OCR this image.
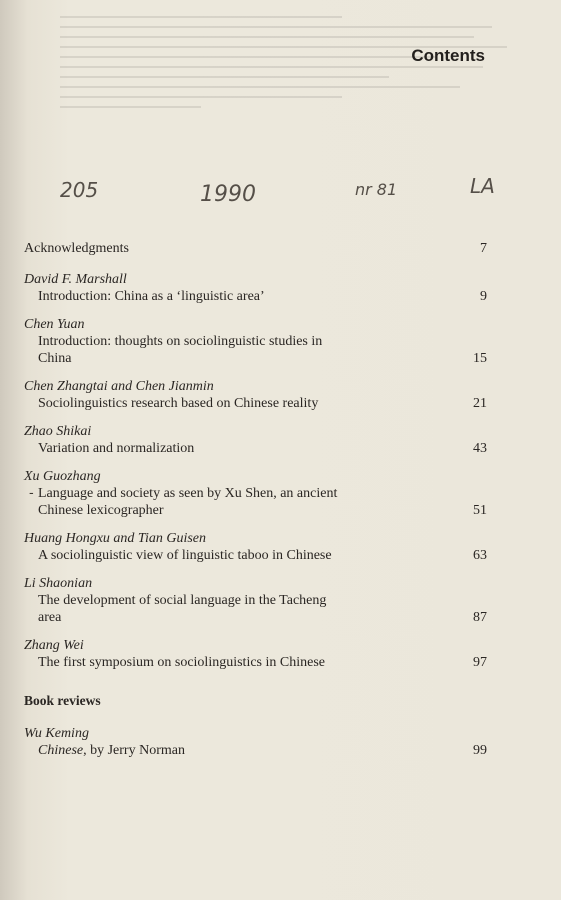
Contents
205	1990	nr 81	LA
Acknowledgments	7
David F. Marshall
Introduction: China as a ‘linguistic area’	9
Chen Yuan
Introduction: thoughts on sociolinguistic studies in
China	15
Chen Zhangtai and Chen Jianmin
Sociolinguistics research based on Chinese reality	21
Zhao Shikai
Variation and normalization	43
Xu Guozhang
‐ Language and society as seen by Xu Shen, an ancient
Chinese lexicographer	51
Huang Hongxu and Tian Guisen
A sociolinguistic view of linguistic taboo in Chinese	63
Li Shaonian
The development of social language in the Tacheng
area	87
Zhang Wei
The first symposium on sociolinguistics in Chinese	97
Book reviews
Wu Keming
Chinese, by Jerry Norman	99
